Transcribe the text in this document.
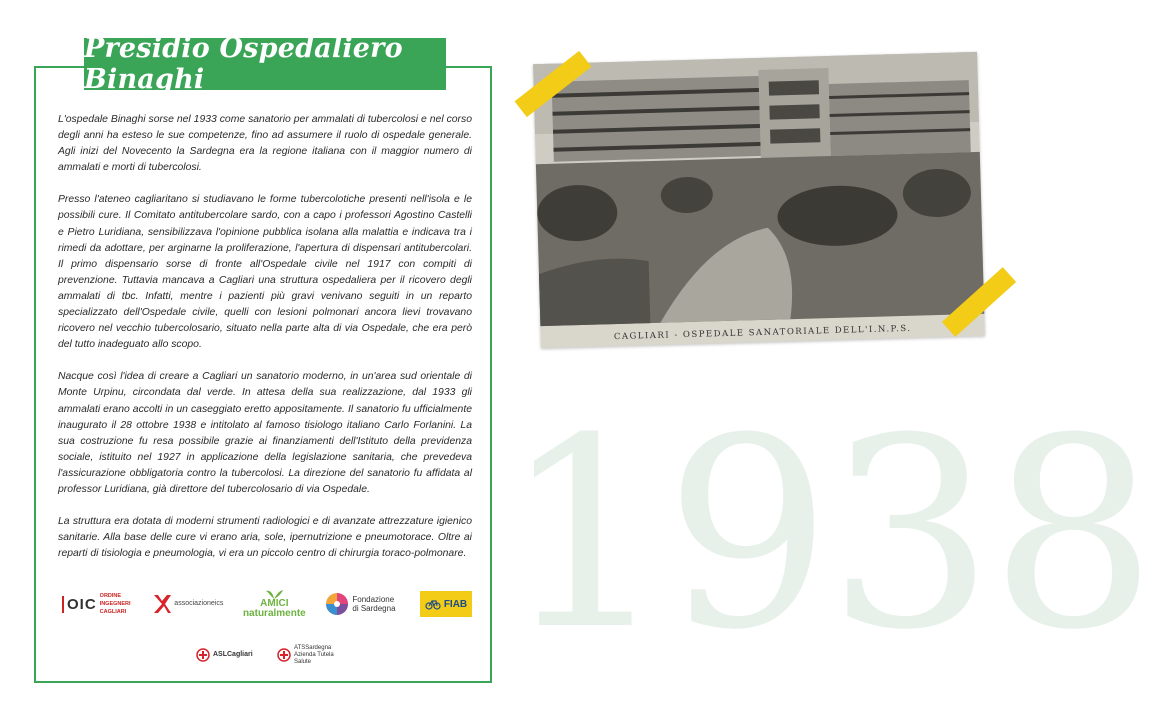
Presidio Ospedaliero Binaghi

L'ospedale Binaghi sorse nel 1933 come sanatorio per ammalati di tubercolosi e nel corso degli anni ha esteso le sue competenze, fino ad assumere il ruolo di ospedale generale. Agli inizi del Novecento la Sardegna era la regione italiana con il maggior numero di ammalati e morti di tubercolosi.

Presso l'ateneo cagliaritano si studiavano le forme tubercolotiche presenti nell'isola e le possibili cure. Il Comitato antitubercolare sardo, con a capo i professori Agostino Castelli e Pietro Luridiana, sensibilizzava l'opinione pubblica isolana alla malattia e indicava tra i rimedi da adottare, per arginarne la proliferazione, l'apertura di dispensari antitubercolari. Il primo dispensario sorse di fronte all'Ospedale civile nel 1917 con compiti di prevenzione. Tuttavia mancava a Cagliari una struttura ospedaliera per il ricovero degli ammalati di tbc. Infatti, mentre i pazienti più gravi venivano seguiti in un reparto specializzato dell'Ospedale civile, quelli con lesioni polmonari ancora lievi trovavano ricovero nel vecchio tubercolosario, situato nella parte alta di via Ospedale, che era però del tutto inadeguato allo scopo.

Nacque così l'idea di creare a Cagliari un sanatorio moderno, in un'area sud orientale di Monte Urpinu, circondata dal verde. In attesa della sua realizzazione, dal 1933 gli ammalati erano accolti in un caseggiato eretto appositamente. Il sanatorio fu ufficialmente inaugurato il 28 ottobre 1938 e intitolato al famoso tisiologo italiano Carlo Forlanini. La sua costruzione fu resa possibile grazie ai finanziamenti dell'Istituto della previdenza sociale, istituito nel 1927 in applicazione della legislazione sanitaria, che prevedeva l'assicurazione obbligatoria contro la tubercolosi. La direzione del sanatorio fu affidata al professor Luridiana, già direttore del tubercolosario di via Ospedale.

La struttura era dotata di moderni strumenti radiologici e di avanzate attrezzature igienico sanitarie. Alla base delle cure vi erano aria, sole, ipernutrizione e pneumotorace. Oltre ai reparti di tisiologia e pneumologia, vi era un piccolo centro di chirurgia toraco-polmonare.

OIC ORDINE INGEGNERI CAGLIARI
associazioneics	AMICI
naturalmente
Fondazione di Sardegna	FIAB
ASLCagliari
ATSSardegna Azienda Tutela Salute 1938
CAGLIARI - OSPEDALE SANATORIALE DELL'I.N.P.S.
